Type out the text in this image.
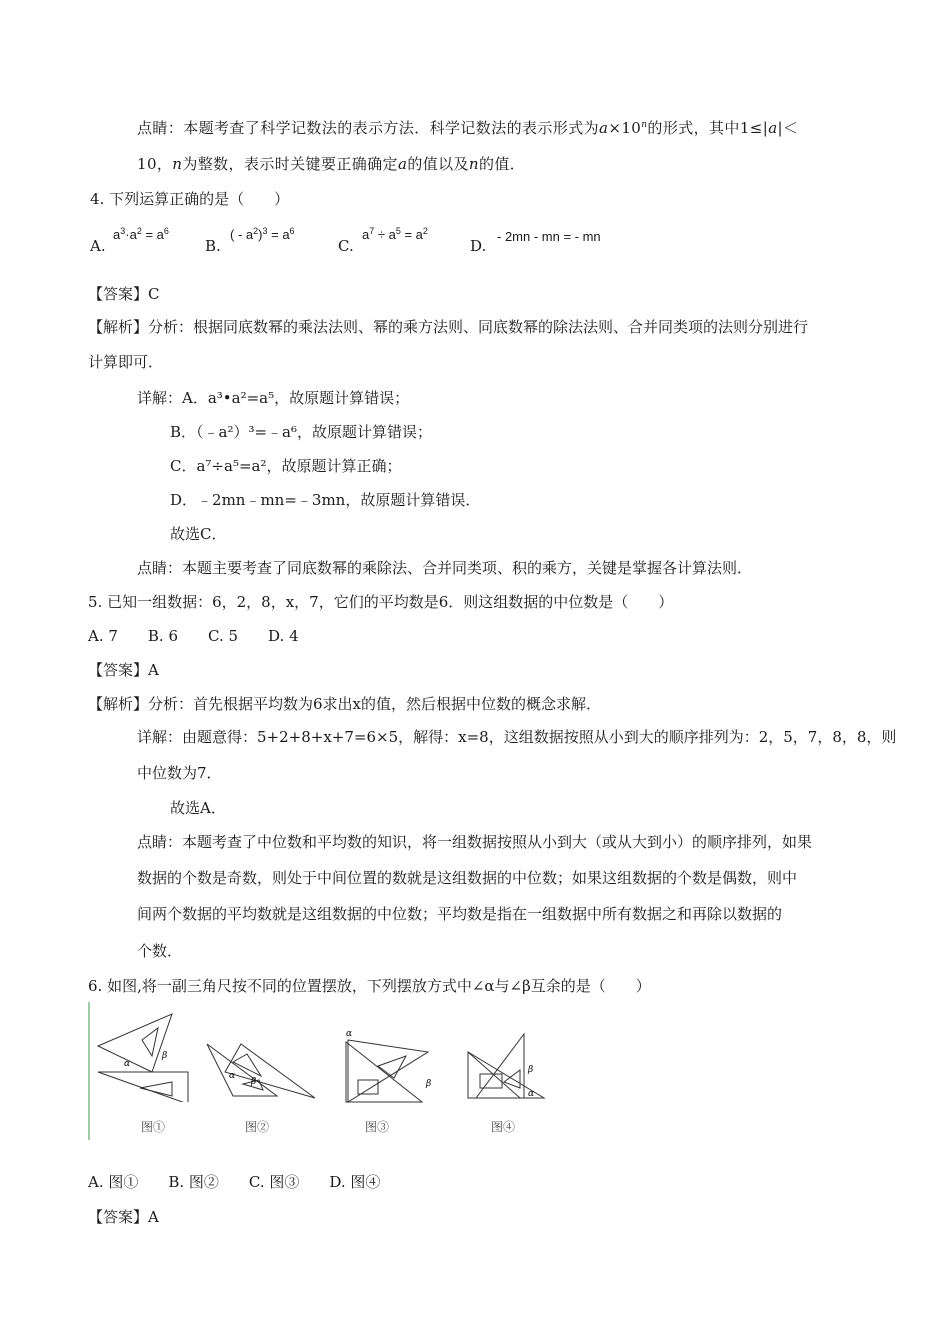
点睛：本题考查了科学记数法的表示方法．科学记数法的表示形式为$a\times 10^n$的形式，其中1≤|a|＜
10，n为整数，表示时关键要正确确定a的值以及n的值．
4. 下列运算正确的是（　　）
A.
$a^3\cdot a^2 = a^6$
B.
( - $a^2)^3 = a^6$
C.
$a^7 \div a^5 = a^2$
D.
- 2mn - mn = - mn
【答案】C
【解析】分析：根据同底数幂的乘法法则、幂的乘方法则、同底数幂的除法法则、合并同类项的法则分别进行
计算即可．
详解：A．a³•a²=a⁵，故原题计算错误；
B．（﹣a²）³=﹣a⁶，故原题计算错误；
C．a⁷÷a⁵=a²，故原题计算正确；
D．﹣2mn﹣mn=﹣3mn，故原题计算错误．
故选C．
点睛：本题主要考查了同底数幂的乘除法、合并同类项、积的乘方，关键是掌握各计算法则．
5. 已知一组数据：6，2，8，x，7，它们的平均数是6．则这组数据的中位数是（　　）
A. 7　　B. 6　　C. 5　　D. 4
【答案】A
【解析】分析：首先根据平均数为6求出x的值，然后根据中位数的概念求解．
详解：由题意得：5+2+8+x+7=6×5，解得：x=8，这组数据按照从小到大的顺序排列为：2，5，7，8，8，则
中位数为7．
故选A．
点睛：本题考查了中位数和平均数的知识，将一组数据按照从小到大（或从大到小）的顺序排列，如果
数据的个数是奇数，则处于中间位置的数就是这组数据的中位数；如果这组数据的个数是偶数，则中
间两个数据的平均数就是这组数据的中位数；平均数是指在一组数据中所有数据之和再除以数据的
个数．
6. 如图,将一副三角尺按不同的位置摆放，下列摆放方式中∠α与∠β互余的是（　　）
α
β
α
β
α
β
β
α
图①	图②	图③	图④
A. 图①　　B. 图②　　C. 图③　　D. 图④
【答案】A
